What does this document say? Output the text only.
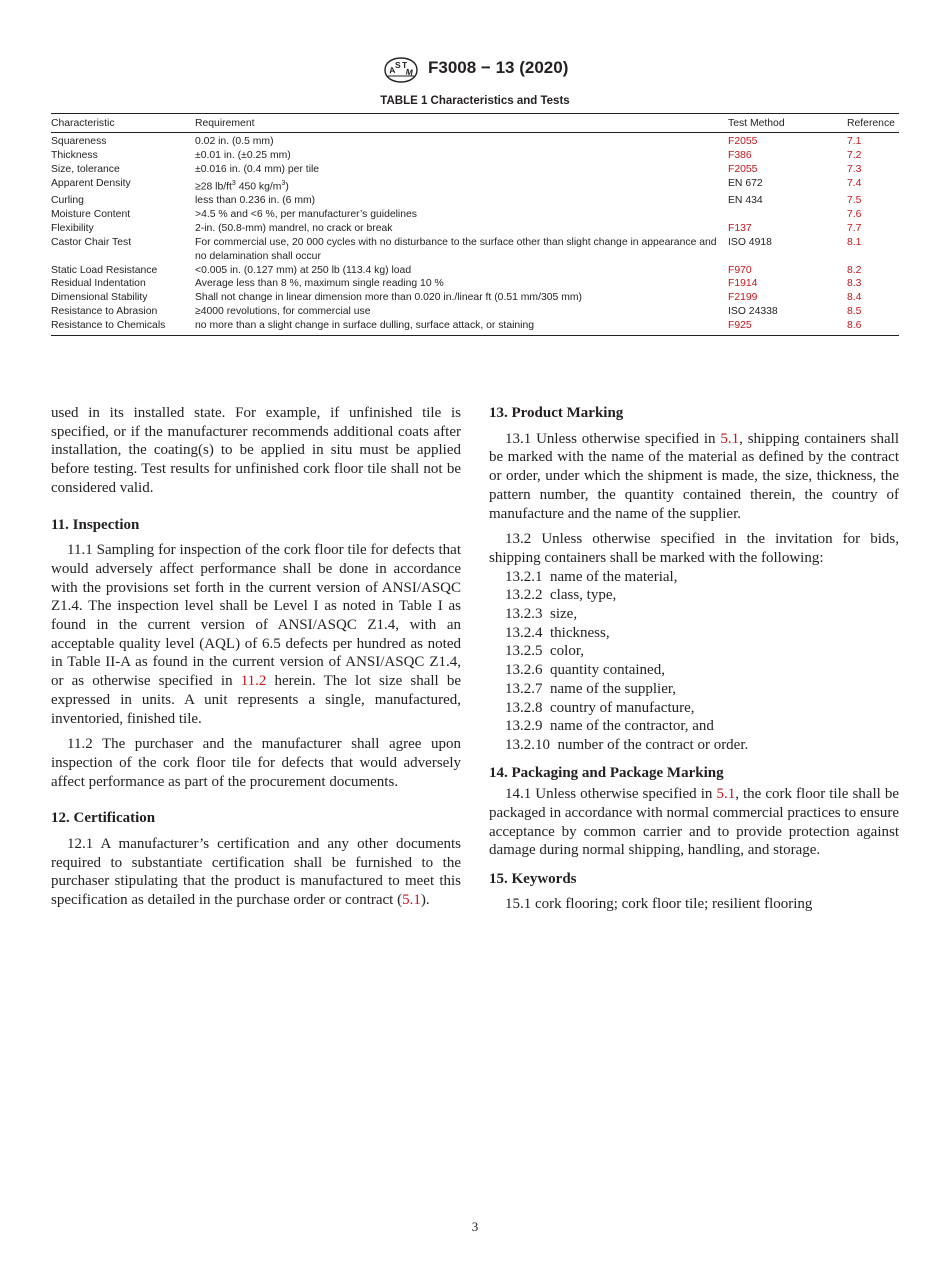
A S T
M F3008 − 13 (2020)
TABLE 1 Characteristics and Tests
Characteristic	Requirement	Test Method	Reference
Squareness	0.02 in. (0.5 mm)	F2055	7.1
Thickness	±0.01 in. (±0.25 mm)	F386	7.2
Size, tolerance	±0.016 in. (0.4 mm) per tile	F2055	7.3
Apparent Density	≥28 $lb/ft^3$ 450 $kg/m^3$)	EN 672	7.4
Curling	less than 0.236 in. (6 mm)	EN 434	7.5
Moisture Content	>4.5 % and <6 %, per manufacturer’s guidelines		7.6
Flexibility	2-in. (50.8-mm) mandrel, no crack or break	F137	7.7
Castor Chair Test	For commercial use, 20 000 cycles with no disturbance to the surface other than slight change in appearance and no delamination shall occur	ISO 4918	8.1
Static Load Resistance	<0.005 in. (0.127 mm) at 250 lb (113.4 kg) load	F970	8.2
Residual Indentation	Average less than 8 %, maximum single reading 10 %	F1914	8.3
Dimensional Stability	Shall not change in linear dimension more than 0.020 in./linear ft (0.51 mm/305 mm)	F2199	8.4
Resistance to Abrasion	≥4000 revolutions, for commercial use	ISO 24338	8.5
Resistance to Chemicals	no more than a slight change in surface dulling, surface attack, or staining	F925	8.6

used in its installed state. For example, if unfinished tile is specified, or if the manufacturer recommends additional coats after installation, the coating(s) to be applied in situ must be applied before testing. Test results for unfinished cork floor tile shall not be considered valid.

11. Inspection

11.1 Sampling for inspection of the cork floor tile for defects that would adversely affect performance shall be done in accordance with the provisions set forth in the current version of ANSI/ASQC Z1.4. The inspection level shall be Level I as noted in Table I as found in the current version of ANSI/ASQC Z1.4, with an acceptable quality level (AQL) of 6.5 defects per hundred as noted in Table II-A as found in the current version of ANSI/ASQC Z1.4, or as otherwise specified in 11.2 herein. The lot size shall be expressed in units. A unit represents a single, manufactured, inventoried, finished tile.

11.2 The purchaser and the manufacturer shall agree upon inspection of the cork floor tile for defects that would adversely affect performance as part of the procurement documents.

12. Certification

12.1 A manufacturer’s certification and any other documents required to substantiate certification shall be furnished to the purchaser stipulating that the product is manufactured to meet this specification as detailed in the purchase order or contract (5.1).

13. Product Marking

13.1 Unless otherwise specified in 5.1, shipping containers shall be marked with the name of the material as defined by the contract or order, under which the shipment is made, the size, thickness, the pattern number, the quantity contained therein, the country of manufacture and the name of the supplier.

13.2 Unless otherwise specified in the invitation for bids, shipping containers shall be marked with the following:

13.2.1 name of the material,

13.2.2 class, type,

13.2.3 size,

13.2.4 thickness,

13.2.5 color,

13.2.6 quantity contained,

13.2.7 name of the supplier,

13.2.8 country of manufacture,

13.2.9 name of the contractor, and

13.2.10 number of the contract or order.

14. Packaging and Package Marking

14.1 Unless otherwise specified in 5.1, the cork floor tile shall be packaged in accordance with normal commercial practices to ensure acceptance by common carrier and to provide protection against damage during normal shipping, handling, and storage.

15. Keywords

15.1 cork flooring; cork floor tile; resilient flooring

3
